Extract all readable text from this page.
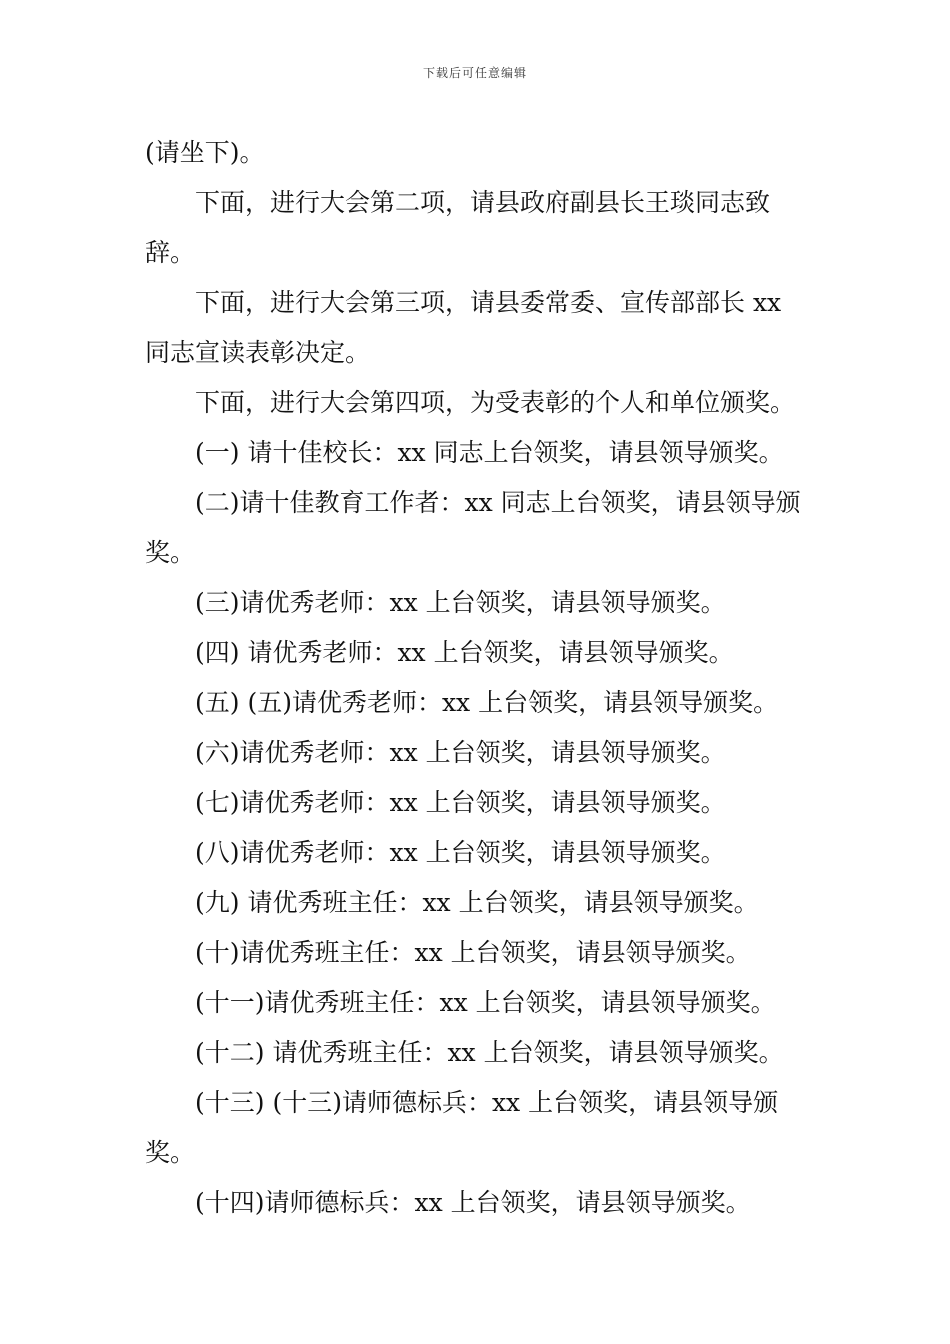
下载后可任意编辑

(请坐下)。

下面，进行大会第二项，请县政府副县长王琰同志致辞。

下面，进行大会第三项，请县委常委、宣传部部长 xx 同志宣读表彰决定。

下面，进行大会第四项，为受表彰的个人和单位颁奖。

(一) 请十佳校长：xx 同志上台领奖，请县领导颁奖。

(二)请十佳教育工作者：xx 同志上台领奖，请县领导颁奖。

(三)请优秀老师：xx 上台领奖，请县领导颁奖。

(四) 请优秀老师：xx 上台领奖，请县领导颁奖。

(五) (五)请优秀老师：xx 上台领奖，请县领导颁奖。

(六)请优秀老师：xx 上台领奖，请县领导颁奖。

(七)请优秀老师：xx 上台领奖，请县领导颁奖。

(八)请优秀老师：xx 上台领奖，请县领导颁奖。

(九) 请优秀班主任：xx 上台领奖，请县领导颁奖。

(十)请优秀班主任：xx 上台领奖，请县领导颁奖。

(十一)请优秀班主任：xx 上台领奖，请县领导颁奖。

(十二) 请优秀班主任：xx 上台领奖，请县领导颁奖。

(十三) (十三)请师德标兵：xx 上台领奖，请县领导颁奖。

(十四)请师德标兵：xx 上台领奖，请县领导颁奖。
